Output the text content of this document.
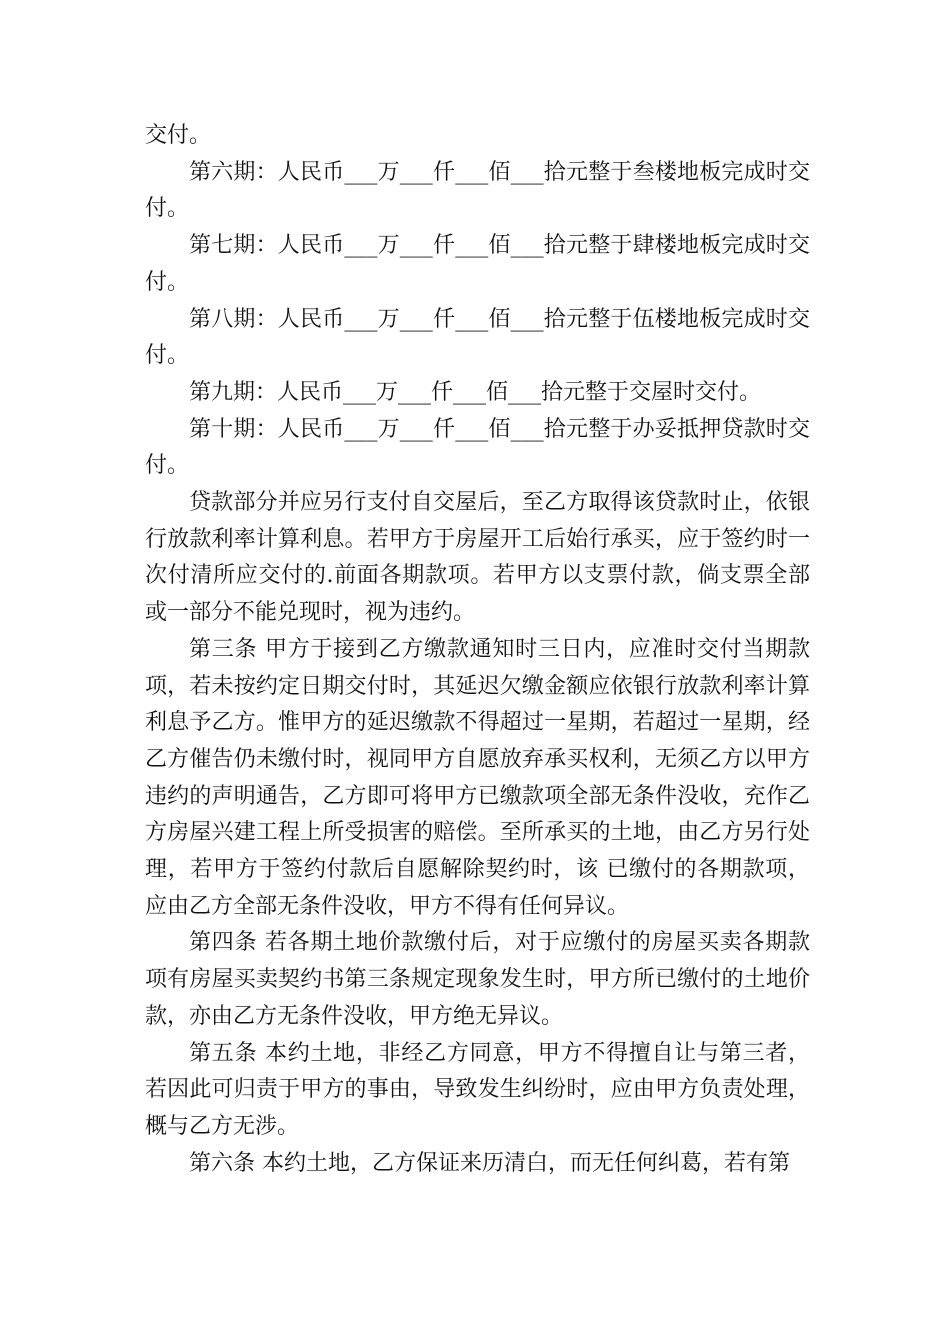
交付。

第六期：人民币___万___仟___佰___拾元整于叁楼地板完成时交付。

第七期：人民币___万___仟___佰___拾元整于肆楼地板完成时交付。

第八期：人民币___万___仟___佰___拾元整于伍楼地板完成时交付。

第九期：人民币___万___仟___佰___拾元整于交屋时交付。

第十期：人民币___万___仟___佰___拾元整于办妥抵押贷款时交付。

贷款部分并应另行支付自交屋后，至乙方取得该贷款时止，依银行放款利率计算利息。若甲方于房屋开工后始行承买，应于签约时一次付清所应交付的.前面各期款项。若甲方以支票付款，倘支票全部或一部分不能兑现时，视为违约。

第三条 甲方于接到乙方缴款通知时三日内，应准时交付当期款项，若未按约定日期交付时，其延迟欠缴金额应依银行放款利率计算利息予乙方。惟甲方的延迟缴款不得超过一星期，若超过一星期，经乙方催告仍未缴付时，视同甲方自愿放弃承买权利，无须乙方以甲方违约的声明通告，乙方即可将甲方已缴款项全部无条件没收，充作乙方房屋兴建工程上所受损害的赔偿。至所承买的土地，由乙方另行处理，若甲方于签约付款后自愿解除契约时，该 已缴付的各期款项，应由乙方全部无条件没收，甲方不得有任何异议。

第四条 若各期土地价款缴付后，对于应缴付的房屋买卖各期款项有房屋买卖契约书第三条规定现象发生时，甲方所已缴付的土地价款，亦由乙方无条件没收，甲方绝无异议。

第五条 本约土地，非经乙方同意，甲方不得擅自让与第三者，若因此可归责于甲方的事由，导致发生纠纷时，应由甲方负责处理，概与乙方无涉。

第六条 本约土地，乙方保证来历清白，而无任何纠葛，若有第
